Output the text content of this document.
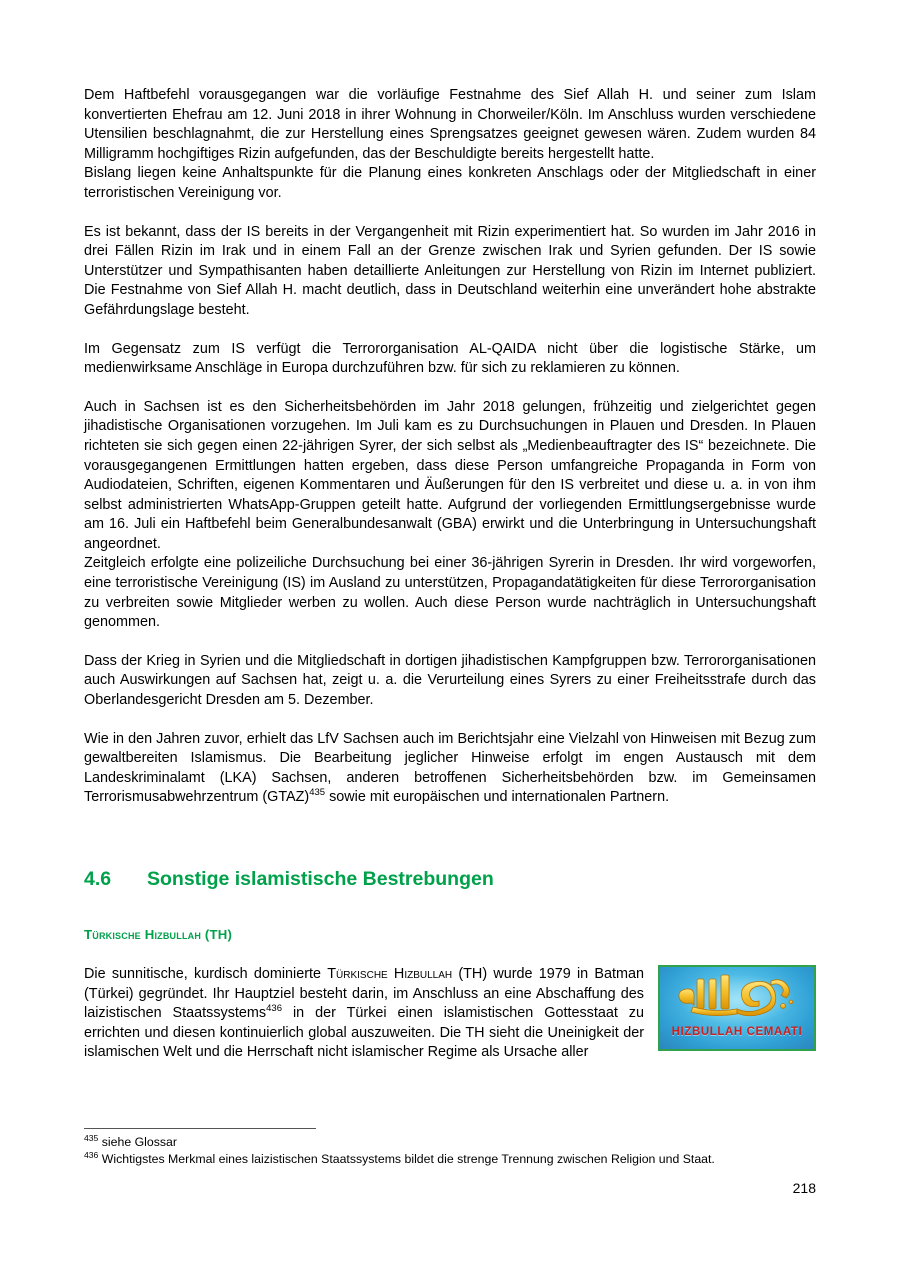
Dem Haftbefehl vorausgegangen war die vorläufige Festnahme des Sief Allah H. und seiner zum Islam konvertierten Ehefrau am 12. Juni 2018 in ihrer Wohnung in Chorweiler/Köln. Im Anschluss wurden verschiedene Utensilien beschlagnahmt, die zur Herstellung eines Sprengsatzes geeignet gewesen wären. Zudem wurden 84 Milligramm hochgiftiges Rizin aufgefunden, das der Beschuldigte bereits hergestellt hatte.

Bislang liegen keine Anhaltspunkte für die Planung eines konkreten Anschlags oder der Mitgliedschaft in einer terroristischen Vereinigung vor.

Es ist bekannt, dass der IS bereits in der Vergangenheit mit Rizin experimentiert hat. So wurden im Jahr 2016 in drei Fällen Rizin im Irak und in einem Fall an der Grenze zwischen Irak und Syrien gefunden. Der IS sowie Unterstützer und Sympathisanten haben detaillierte Anleitungen zur Herstellung von Rizin im Internet publiziert. Die Festnahme von Sief Allah H. macht deutlich, dass in Deutschland weiterhin eine unverändert hohe abstrakte Gefährdungslage besteht.

Im Gegensatz zum IS verfügt die Terrororganisation AL-QAIDA nicht über die logistische Stärke, um medienwirksame Anschläge in Europa durchzuführen bzw. für sich zu reklamieren zu können.

Auch in Sachsen ist es den Sicherheitsbehörden im Jahr 2018 gelungen, frühzeitig und zielgerichtet gegen jihadistische Organisationen vorzugehen. Im Juli kam es zu Durchsuchungen in Plauen und Dresden. In Plauen richteten sie sich gegen einen 22-jährigen Syrer, der sich selbst als „Medienbeauftragter des IS“ bezeichnete. Die vorausgegangenen Ermittlungen hatten ergeben, dass diese Person umfangreiche Propaganda in Form von Audiodateien, Schriften, eigenen Kommentaren und Äußerungen für den IS verbreitet und diese u. a. in von ihm selbst administrierten WhatsApp-Gruppen geteilt hatte. Aufgrund der vorliegenden Ermittlungsergebnisse wurde am 16. Juli ein Haftbefehl beim Generalbundesanwalt (GBA) erwirkt und die Unterbringung in Untersuchungshaft angeordnet.

Zeitgleich erfolgte eine polizeiliche Durchsuchung bei einer 36-jährigen Syrerin in Dresden. Ihr wird vorgeworfen, eine terroristische Vereinigung (IS) im Ausland zu unterstützen, Propagandatätigkeiten für diese Terrororganisation zu verbreiten sowie Mitglieder werben zu wollen. Auch diese Person wurde nachträglich in Untersuchungshaft genommen.

Dass der Krieg in Syrien und die Mitgliedschaft in dortigen jihadistischen Kampfgruppen bzw. Terrororganisationen auch Auswirkungen auf Sachsen hat, zeigt u. a. die Verurteilung eines Syrers zu einer Freiheitsstrafe durch das Oberlandesgericht Dresden am 5. Dezember.

Wie in den Jahren zuvor, erhielt das LfV Sachsen auch im Berichtsjahr eine Vielzahl von Hinweisen mit Bezug zum gewaltbereiten Islamismus. Die Bearbeitung jeglicher Hinweise erfolgt im engen Austausch mit dem Landeskriminalamt (LKA) Sachsen, anderen betroffenen Sicherheitsbehörden bzw. im Gemeinsamen Terrorismusabwehrzentrum (GTAZ)$^{435}$ sowie mit europäischen und internationalen Partnern.

4.6	Sonstige islamistische Bestrebungen
Türkische Hizbullah (TH)
HIZBULLAH CEMAATI

Die sunnitische, kurdisch dominierte Türkische Hizbullah (TH) wurde 1979 in Batman (Türkei) gegründet. Ihr Hauptziel besteht darin, im Anschluss an eine Abschaffung des laizistischen Staatssystems$^{436}$ in der Türkei einen islamistischen Gottesstaat zu errichten und diesen kontinuierlich global auszuweiten. Die TH sieht die Uneinigkeit der islamischen Welt und die Herrschaft nicht islamischer Regime als Ursache aller

$^{435}$ siehe Glossar

$^{436}$ Wichtigstes Merkmal eines laizistischen Staatssystems bildet die strenge Trennung zwischen Religion und Staat.

218
